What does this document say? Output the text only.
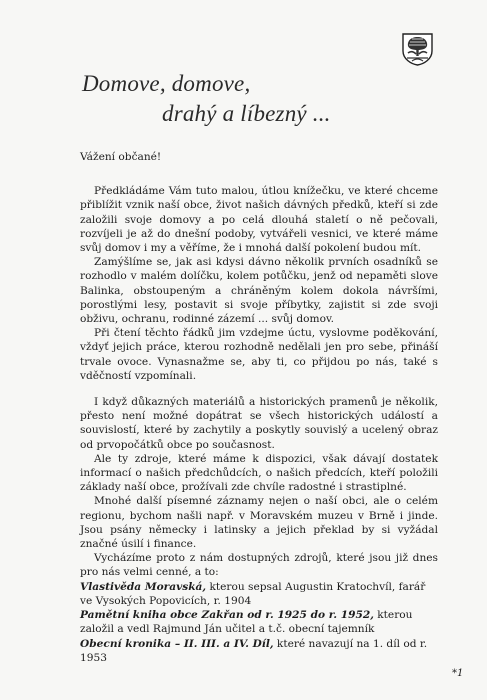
Domove, domove,
drahý a líbezný ...

Vážení občané!

Předkládáme Vám tuto malou, útlou knížečku, ve které chceme přiblížit vznik naší obce, život našich dávných předků, kteří si zde založili svoje domovy a po celá dlouhá staletí o ně pečovali, rozvíjeli je až do dnešní podoby, vytvářeli vesnici, ve které máme svůj domov i my a věříme, že i mnohá další pokolení budou mít.

Zamýšlíme se, jak asi kdysi dávno několik prvních osadníků se rozhodlo v malém dolíčku, kolem potůčku, jenž od nepaměti slove Balinka, obstoupeným a chráněným kolem dokola návršími, porostlými lesy, postavit si svoje příbytky, zajistit si zde svoji obživu, ochranu, rodinné zázemí ... svůj domov.

Při čtení těchto řádků jim vzdejme úctu, vyslovme poděkování, vždyť jejich práce, kterou rozhodně nedělali jen pro sebe, přináší trvale ovoce. Vynasnažme se, aby ti, co přijdou po nás, také s vděčností vzpomínali.

I když důkazných materiálů a historických pramenů je několik, přesto není možné dopátrat se všech historických událostí a souvislostí, které by zachytily a poskytly souvislý a ucelený obraz od prvopočátků obce po současnost.

Ale ty zdroje, které máme k dispozici, však dávají dostatek informací o našich předchůdcích, o našich předcích, kteří položili základy naší obce, prožívali zde chvíle radostné i strastiplné.

Mnohé další písemné záznamy nejen o naší obci, ale o celém regionu, bychom našli např. v Moravském muzeu v Brně i jinde. Jsou psány německy i latinsky a jejich překlad by si vyžádal značné úsilí i finance.

Vycházíme proto z nám dostupných zdrojů, které jsou již dnes pro nás velmi cenné, a to:

Vlastivěda Moravská, kterou sepsal Augustin Kratochvíl, farář ve Vysokých Popovicích, r. 1904

Pamětní kniha obce Zakřan od r. 1925 do r. 1952, kterou založil a vedl Rajmund Ján učitel a t.č. obecní tajemník

Obecní kronika – II. III. a IV. Díl, které navazují na 1. díl od r. 1953

*1
